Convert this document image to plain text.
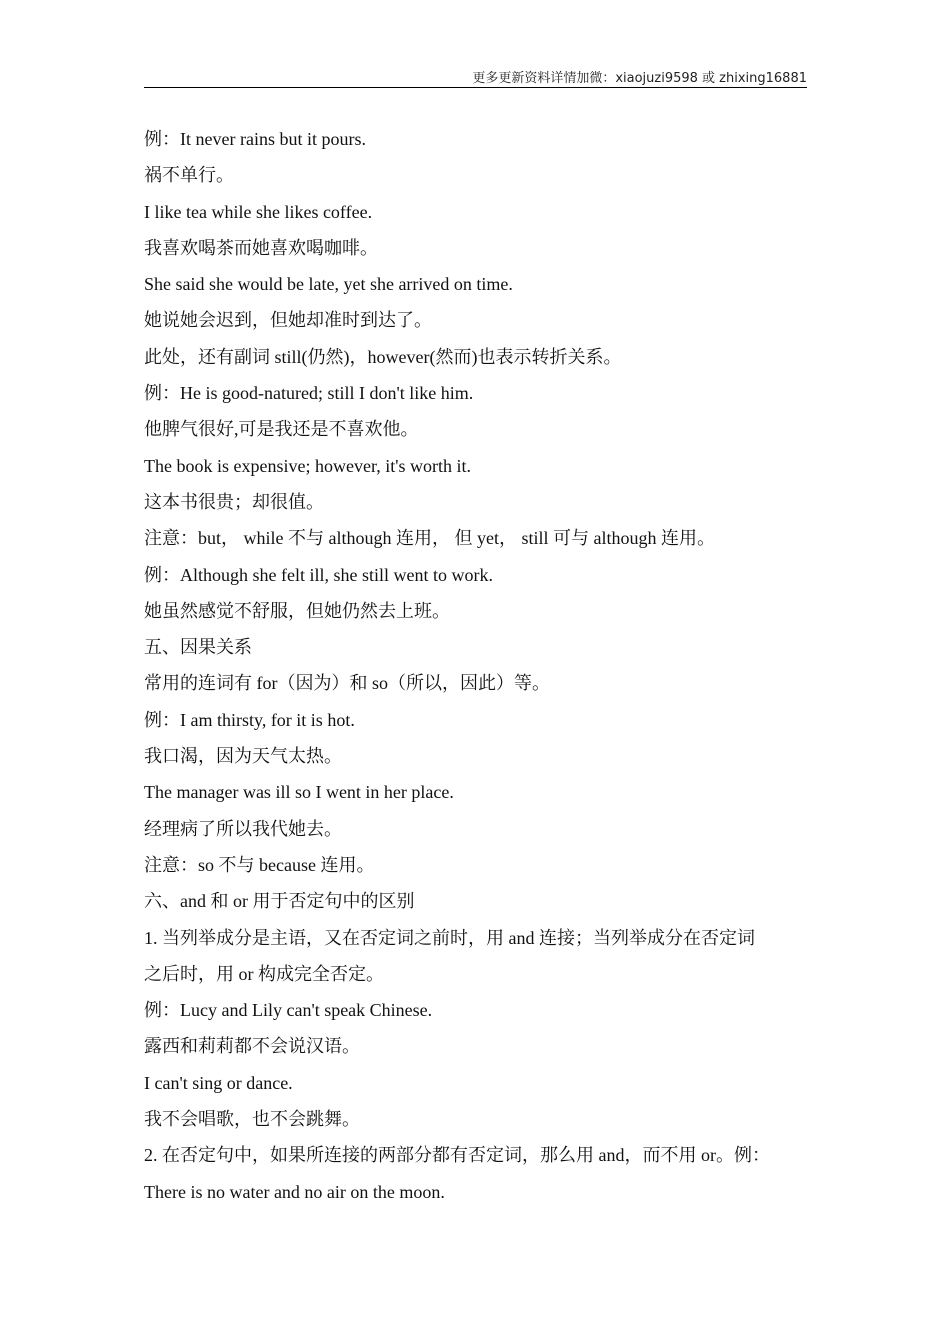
更多更新资料详情加微：xiaojuzi9598 或 zhixing16881
例：It never rains but it pours.
祸不单行。
I like tea while she likes coffee.
我喜欢喝茶而她喜欢喝咖啡。
She said she would be late, yet she arrived on time.
她说她会迟到，但她却准时到达了。
此处，还有副词 still(仍然)，however(然而)也表示转折关系。
例：He is good-natured; still I don't like him.
他脾气很好,可是我还是不喜欢他。
The book is expensive; however, it's worth it.
这本书很贵；却很值。
注意：but， while 不与 although 连用， 但 yet， still 可与 although 连用。
例：Although she felt ill, she still went to work.
她虽然感觉不舒服，但她仍然去上班。
五、因果关系
常用的连词有 for（因为）和 so（所以，因此）等。
例：I am thirsty, for it is hot.
我口渴，因为天气太热。
The manager was ill so I went in her place.
经理病了所以我代她去。
注意：so 不与 because 连用。
六、and 和 or 用于否定句中的区别
1. 当列举成分是主语，又在否定词之前时，用 and 连接；当列举成分在否定词
之后时，用 or 构成完全否定。
例：Lucy and Lily can't speak Chinese.
露西和莉莉都不会说汉语。
I can't sing or dance.
我不会唱歌，也不会跳舞。
2. 在否定句中，如果所连接的两部分都有否定词，那么用 and，而不用 or。例：
There is no water and no air on the moon.
